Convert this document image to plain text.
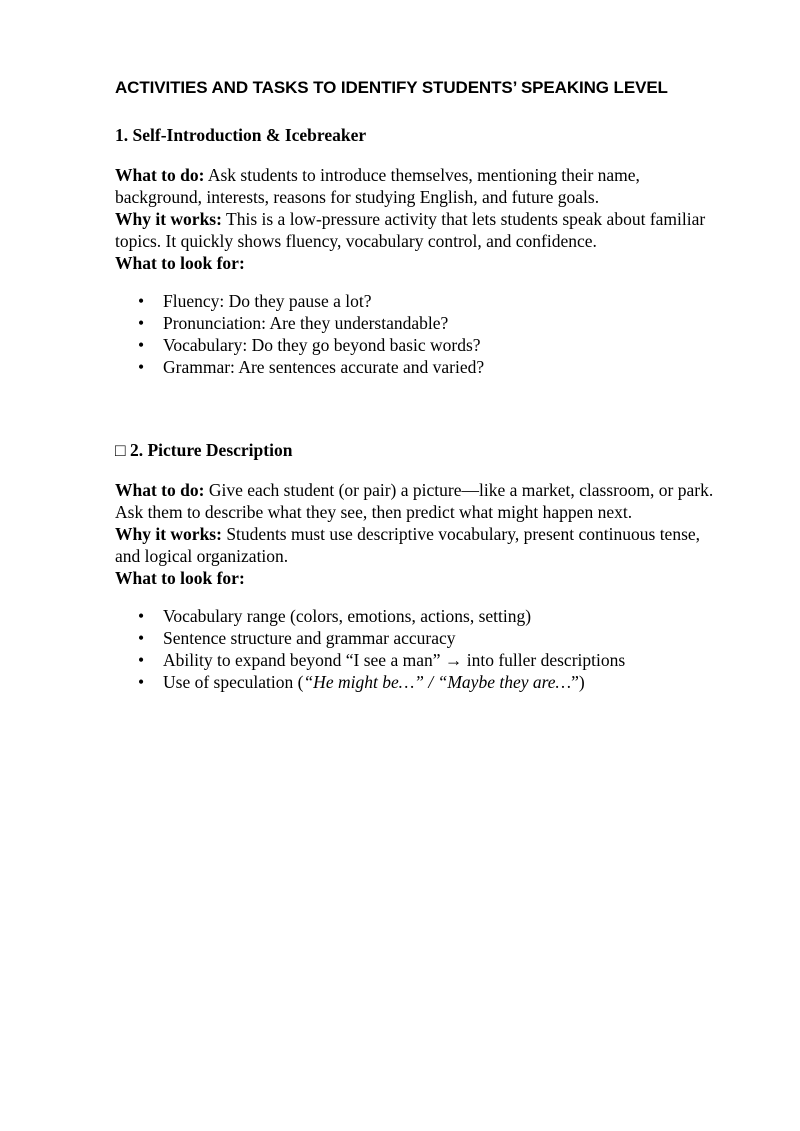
ACTIVITIES AND TASKS TO IDENTIFY STUDENTS’ SPEAKING LEVEL
1. Self-Introduction & Icebreaker

What to do: Ask students to introduce themselves, mentioning their name, background, interests, reasons for studying English, and future goals.

Why it works: This is a low-pressure activity that lets students speak about familiar topics. It quickly shows fluency, vocabulary control, and confidence.

What to look for:

• Fluency: Do they pause a lot?
• Pronunciation: Are they understandable?
• Vocabulary: Do they go beyond basic words?
• Grammar: Are sentences accurate and varied?
□ 2. Picture Description

What to do: Give each student (or pair) a picture—like a market, classroom, or park. Ask them to describe what they see, then predict what might happen next.

Why it works: Students must use descriptive vocabulary, present continuous tense, and logical organization.

What to look for:

• Vocabulary range (colors, emotions, actions, setting)
• Sentence structure and grammar accuracy
• Ability to expand beyond “I see a man” → into fuller descriptions
• Use of speculation (“He might be…” / “Maybe they are…”)
